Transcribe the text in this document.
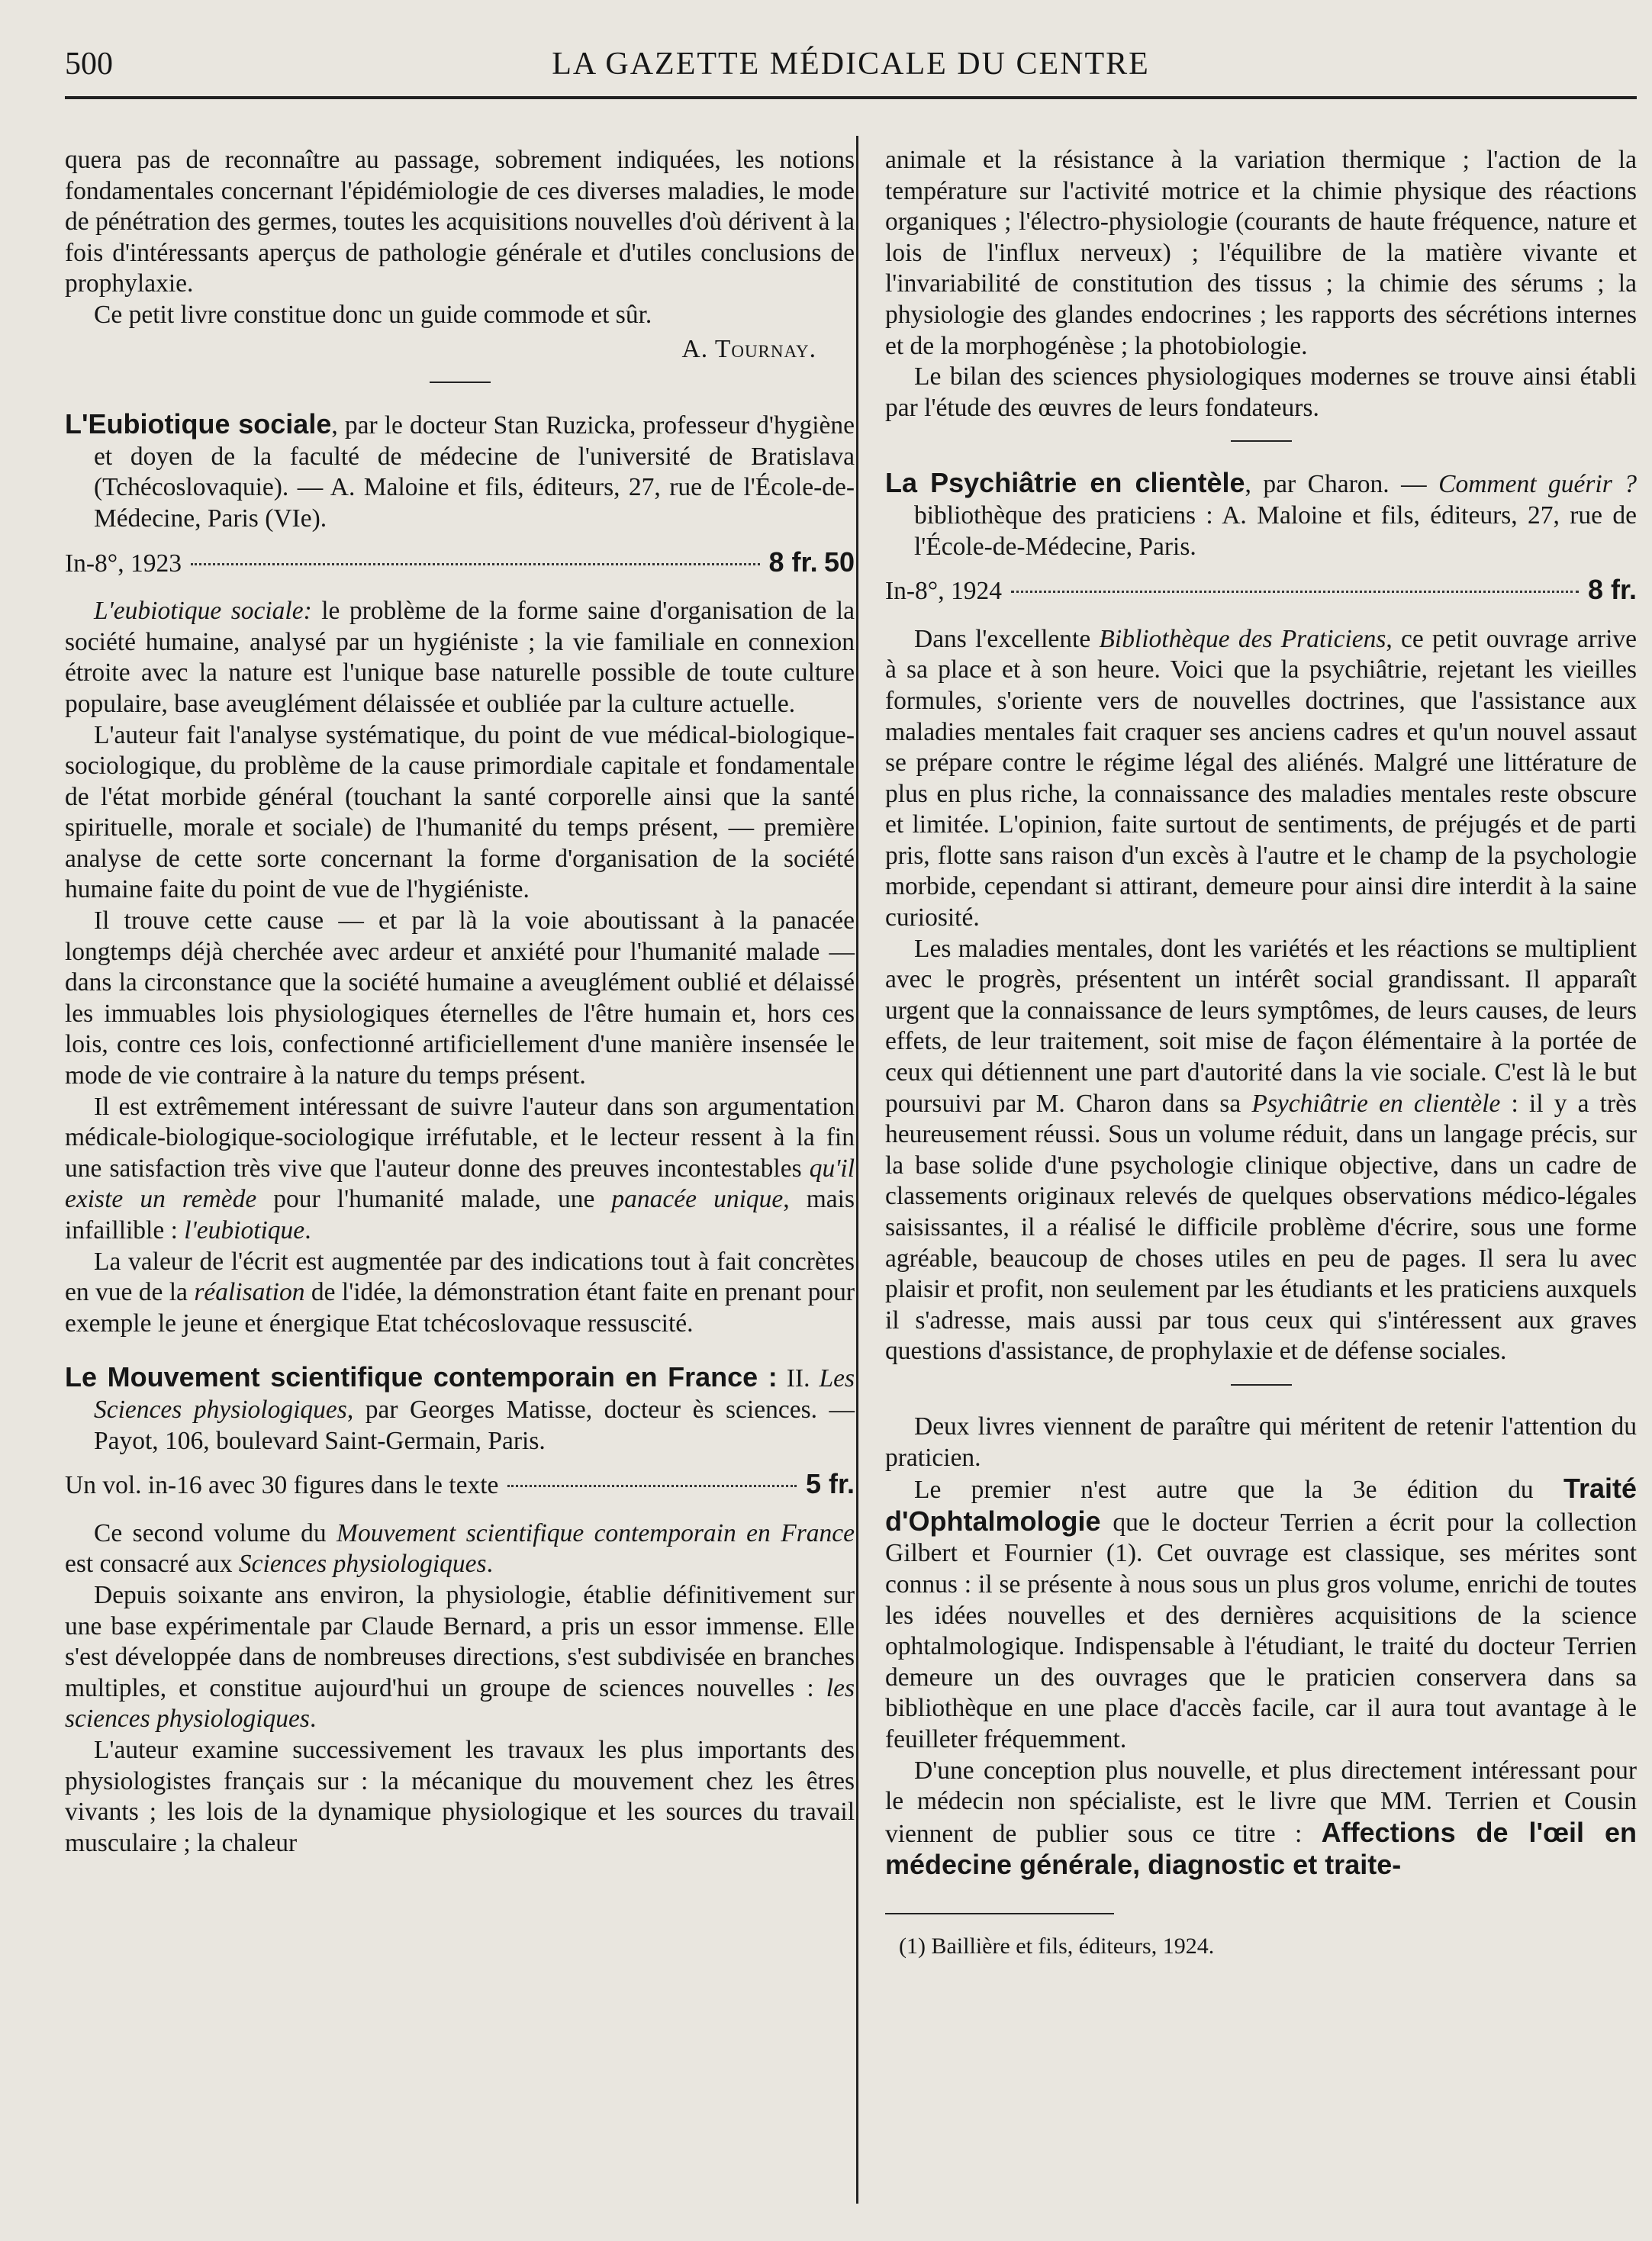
500	LA GAZETTE MÉDICALE DU CENTRE

quera pas de reconnaître au passage, sobrement indiquées, les notions fondamentales concernant l'épidémiologie de ces diverses maladies, le mode de pénétration des germes, toutes les acquisitions nouvelles d'où dérivent à la fois d'intéressants aperçus de pathologie générale et d'utiles conclusions de prophylaxie.

Ce petit livre constitue donc un guide commode et sûr.

A. Tournay.
L'Eubiotique sociale, par le docteur Stan Ruzicka, professeur d'hygiène et doyen de la faculté de médecine de l'université de Bratislava (Tchécoslovaquie). — A. Maloine et fils, éditeurs, 27, rue de l'École-de-Médecine, Paris (VIe).
In-8°, 1923	8 fr. 50

L'eubiotique sociale: le problème de la forme saine d'organisation de la société humaine, analysé par un hygiéniste ; la vie familiale en connexion étroite avec la nature est l'unique base naturelle possible de toute culture populaire, base aveuglément délaissée et oubliée par la culture actuelle.

L'auteur fait l'analyse systématique, du point de vue médical-biologique-sociologique, du problème de la cause primordiale capitale et fondamentale de l'état morbide général (touchant la santé corporelle ainsi que la santé spirituelle, morale et sociale) de l'humanité du temps présent, — première analyse de cette sorte concernant la forme d'organisation de la société humaine faite du point de vue de l'hygiéniste.

Il trouve cette cause — et par là la voie aboutissant à la panacée longtemps déjà cherchée avec ardeur et anxiété pour l'humanité malade — dans la circonstance que la société humaine a aveuglément oublié et délaissé les immuables lois physiologiques éternelles de l'être humain et, hors ces lois, contre ces lois, confectionné artificiellement d'une manière insensée le mode de vie contraire à la nature du temps présent.

Il est extrêmement intéressant de suivre l'auteur dans son argumentation médicale-biologique-sociologique irréfutable, et le lecteur ressent à la fin une satisfaction très vive que l'auteur donne des preuves incontestables qu'il existe un remède pour l'humanité malade, une panacée unique, mais infaillible : l'eubiotique.

La valeur de l'écrit est augmentée par des indications tout à fait concrètes en vue de la réalisation de l'idée, la démonstration étant faite en prenant pour exemple le jeune et énergique Etat tchécoslovaque ressuscité.

Le Mouvement scientifique contemporain en France : II. Les Sciences physiologiques, par Georges Matisse, docteur ès sciences. — Payot, 106, boulevard Saint-Germain, Paris.
Un vol. in-16 avec 30 figures dans le texte	5 fr.

Ce second volume du Mouvement scientifique contemporain en France est consacré aux Sciences physiologiques.

Depuis soixante ans environ, la physiologie, établie définitivement sur une base expérimentale par Claude Bernard, a pris un essor immense. Elle s'est développée dans de nombreuses directions, s'est subdivisée en branches multiples, et constitue aujourd'hui un groupe de sciences nouvelles : les sciences physiologiques.

L'auteur examine successivement les travaux les plus importants des physiologistes français sur : la mécanique du mouvement chez les êtres vivants ; les lois de la dynamique physiologique et les sources du travail musculaire ; la chaleur

animale et la résistance à la variation thermique ; l'action de la température sur l'activité motrice et la chimie physique des réactions organiques ; l'électro-physiologie (courants de haute fréquence, nature et lois de l'influx nerveux) ; l'équilibre de la matière vivante et l'invariabilité de constitution des tissus ; la chimie des sérums ; la physiologie des glandes endocrines ; les rapports des sécrétions internes et de la morphogénèse ; la photobiologie.

Le bilan des sciences physiologiques modernes se trouve ainsi établi par l'étude des œuvres de leurs fondateurs.

La Psychiâtrie en clientèle, par Charon. — Comment guérir ? bibliothèque des praticiens : A. Maloine et fils, éditeurs, 27, rue de l'École-de-Médecine, Paris.
In-8°, 1924	8 fr.

Dans l'excellente Bibliothèque des Praticiens, ce petit ouvrage arrive à sa place et à son heure. Voici que la psychiâtrie, rejetant les vieilles formules, s'oriente vers de nouvelles doctrines, que l'assistance aux maladies mentales fait craquer ses anciens cadres et qu'un nouvel assaut se prépare contre le régime légal des aliénés. Malgré une littérature de plus en plus riche, la connaissance des maladies mentales reste obscure et limitée. L'opinion, faite surtout de sentiments, de préjugés et de parti pris, flotte sans raison d'un excès à l'autre et le champ de la psychologie morbide, cependant si attirant, demeure pour ainsi dire interdit à la saine curiosité.

Les maladies mentales, dont les variétés et les réactions se multiplient avec le progrès, présentent un intérêt social grandissant. Il apparaît urgent que la connaissance de leurs symptômes, de leurs causes, de leurs effets, de leur traitement, soit mise de façon élémentaire à la portée de ceux qui détiennent une part d'autorité dans la vie sociale. C'est là le but poursuivi par M. Charon dans sa Psychiâtrie en clientèle : il y a très heureusement réussi. Sous un volume réduit, dans un langage précis, sur la base solide d'une psychologie clinique objective, dans un cadre de classements originaux relevés de quelques observations médico-légales saisissantes, il a réalisé le difficile problème d'écrire, sous une forme agréable, beaucoup de choses utiles en peu de pages. Il sera lu avec plaisir et profit, non seulement par les étudiants et les praticiens auxquels il s'adresse, mais aussi par tous ceux qui s'intéressent aux graves questions d'assistance, de prophylaxie et de défense sociales.

Deux livres viennent de paraître qui méritent de retenir l'attention du praticien.

Le premier n'est autre que la 3e édition du Traité d'Ophtalmologie que le docteur Terrien a écrit pour la collection Gilbert et Fournier (1). Cet ouvrage est classique, ses mérites sont connus : il se présente à nous sous un plus gros volume, enrichi de toutes les idées nouvelles et des dernières acquisitions de la science ophtalmologique. Indispensable à l'étudiant, le traité du docteur Terrien demeure un des ouvrages que le praticien conservera dans sa bibliothèque en une place d'accès facile, car il aura tout avantage à le feuilleter fréquemment.

D'une conception plus nouvelle, et plus directement intéressant pour le médecin non spécialiste, est le livre que MM. Terrien et Cousin viennent de publier sous ce titre : Affections de l'œil en médecine générale, diagnostic et traite-

(1) Baillière et fils, éditeurs, 1924.
